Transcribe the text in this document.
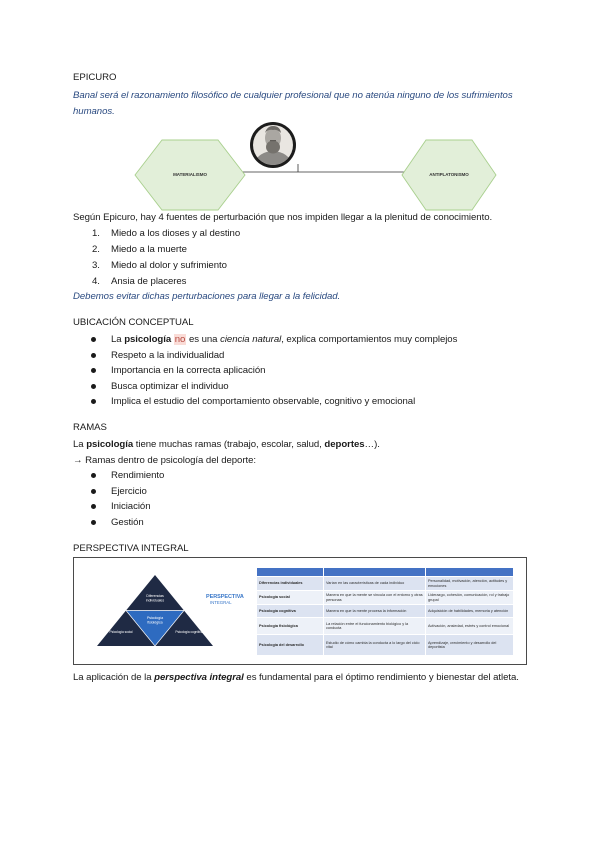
EPICURO
Banal será el razonamiento filosófico de cualquier profesional que no atenúa ninguno de los sufrimientos humanos.
MATERIALISMO	ANTIPLATONISMO
Según Epicuro, hay 4 fuentes de perturbación que nos impiden llegar a la plenitud de conocimiento.
1. Miedo a los dioses y al destino
2. Miedo a la muerte
3. Miedo al dolor y sufrimiento
4. Ansia de placeres
Debemos evitar dichas perturbaciones para llegar a la felicidad.
UBICACIÓN CONCEPTUAL
La psicología no es una ciencia natural, explica comportamientos muy complejos
Respeto a la individualidad
Importancia en la correcta aplicación
Busca optimizar el individuo
Implica el estudio del comportamiento observable, cognitivo y emocional
RAMAS
La psicología tiene muchas ramas (trabajo, escolar, salud, deportes…).
→ Ramas dentro de psicología del deporte:
Rendimiento
Ejercicio
Iniciación
Gestión
PERSPECTIVA INTEGRAL
Diferencias
individuales
Psicología
fisiológica
Psicología social	Psicología cognitiva
PERSPECTIVA
INTEGRAL

Diferencias individuales	Varían en las características de cada individuo	Personalidad, motivación, atención, actitudes y emociones
Psicología social	Manera en que la mente se vincula con el entorno y otras personas	Liderazgo, cohesión, comunicación, rol y trabajo grupal
Psicología cognitiva	Manera en que la mente procesa la información	Adquisición de habilidades, memoria y atención
Psicología fisiológica	La relación entre el funcionamiento biológico y la conducta	Activación, ansiedad, estrés y control emocional
Psicología del desarrollo	Estudio de cómo cambia la conducta a lo largo del ciclo vital	Aprendizaje, crecimiento y desarrollo del deportista
La aplicación de la perspectiva integral es fundamental para el óptimo rendimiento y bienestar del atleta.
